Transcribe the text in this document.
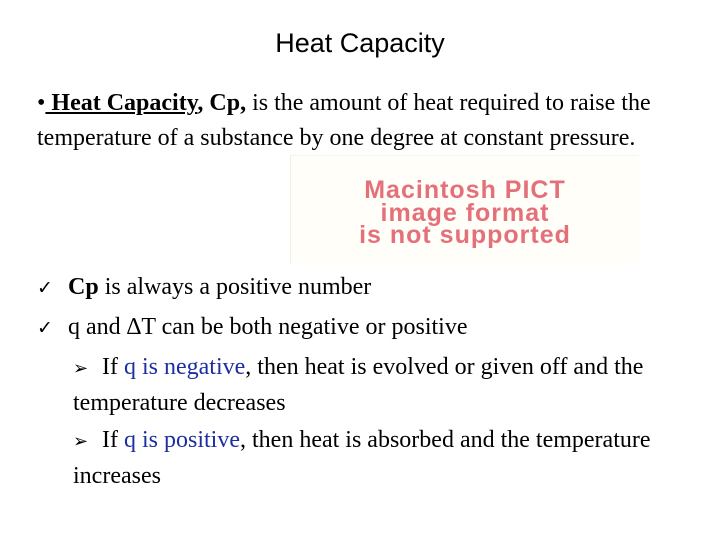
Heat Capacity
• Heat Capacity, Cp, is the amount of heat required to raise the temperature of a substance by one degree at constant pressure.
Macintosh PICT
image format
is not supported
✓ Cp is always a positive number
✓ q and ∆T can be both negative or positive
➢ If q is negative, then heat is evolved or given off and the temperature decreases
➢ If q is positive, then heat is absorbed and the temperature increases
